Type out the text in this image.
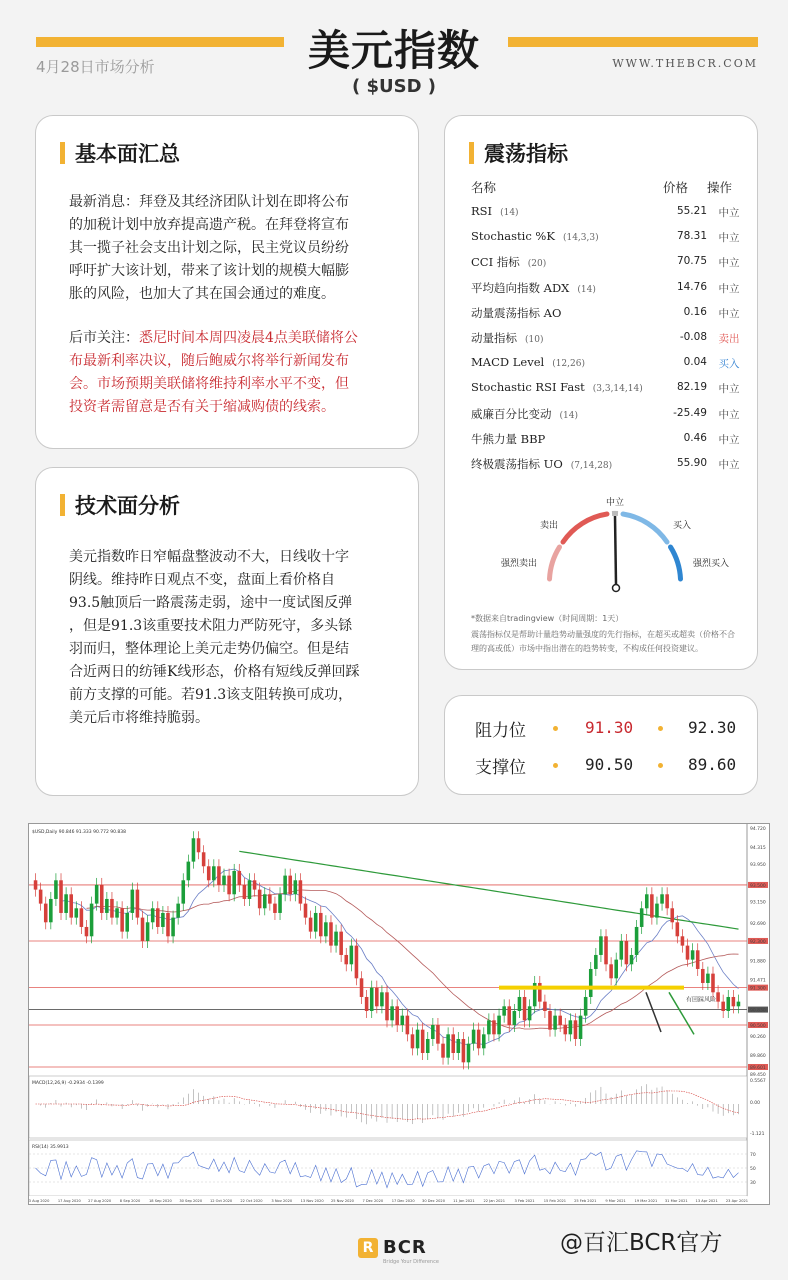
美元指数
( $USD )
4月28日市场分析	WWW.THEBCR.COM
基本面汇总
最新消息：拜登及其经济团队计划在即将公布
的加税计划中放弃提高遗产税。在拜登将宣布
其一揽子社会支出计划之际，民主党议员纷纷
呼吁扩大该计划，带来了该计划的规模大幅膨
胀的风险，也加大了其在国会通过的难度。
后市关注：悉尼时间本周四凌晨4点美联储将公
布最新利率决议，随后鲍威尔将举行新闻发布
会。市场预期美联储将维持利率水平不变，但
投资者需留意是否有关于缩减购债的线索。
技术面分析
美元指数昨日窄幅盘整波动不大，日线收十字
阴线。维持昨日观点不变，盘面上看价格自
93.5触顶后一路震荡走弱，途中一度试图反弹
，但是91.3该重要技术阻力严防死守，多头铩
羽而归，整体理论上美元走势仍偏空。但是结
合近两日的纺锤K线形态，价格有短线反弹回踩
前方支撑的可能。若91.3该支阻转换可成功，
美元后市将维持脆弱。
震荡指标
名称	价格 操作
RSI (14)	55.21	中立
Stochastic %K (14,3,3)	78.31	中立
CCI 指标 (20)	70.75	中立
平均趋向指数 ADX (14)	14.76	中立
动量震荡指标 AO	0.16	中立
动量指标 (10)	-0.08	卖出
MACD Level (12,26)	0.04	买入
Stochastic RSI Fast (3,3,14,14)	82.19	中立
威廉百分比变动 (14)	-25.49	中立
牛熊力量 BBP	0.46	中立
终极震荡指标 UO (7,14,28)	55.90	中立
中立
卖出	买入
强烈卖出	强烈买入
*数据来自tradingview（时间周期：1天）
震荡指标仅是帮助计量趋势动量强度的先行指标，在超买或超卖（价格不合
理的高或低）市场中指出潜在的趋势转变，不构成任何投资建议。
阻力位	91.30	92.30
支撑位	90.50	89.60
94.720
94.315
93.950
93.500
93.150
92.690
92.300
91.880
91.471
91.300
90.830
90.500
90.260
89.860
89.601
89.450
$USD,Daily 90.846 91.333 90.772 90.838
有回踩风险
MACD(12,26,9) -0.2934 -0.1399	0.5567
0.00
-1.121
RSI(14) 35.9913
70
50
30
3 Aug 2020 17 Aug 2020 27 Aug 2020 8 Sep 2020 18 Sep 2020 30 Sep 2020 12 Oct 2020 22 Oct 2020 3 Nov 2020 13 Nov 2020 25 Nov 2020 7 Dec 2020 17 Dec 2020 30 Dec 2020 11 Jan 2021 22 Jan 2021	3 Feb 2021	15 Feb 2021 25 Feb 2021 9 Mar 2021 19 Mar 2021 31 Mar 2021 13 Apr 2021 23 Apr 2021
R BCR
Bridge Your Difference
@百汇BCR官方
